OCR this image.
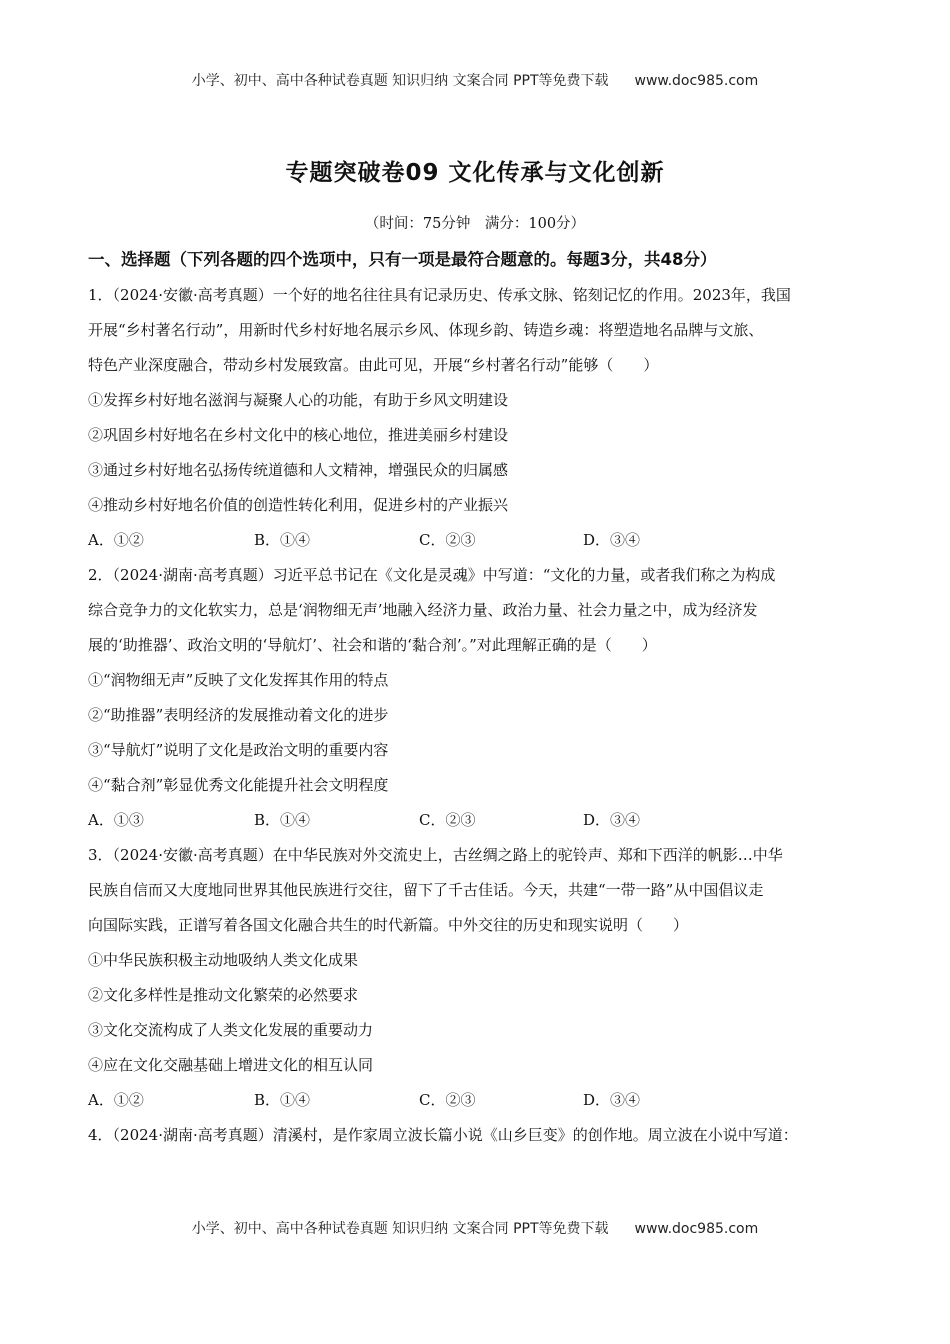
小学、初中、高中各种试卷真题 知识归纳 文案合同 PPT等免费下载 www.doc985.com
专题突破卷09 文化传承与文化创新
（时间：75分钟　满分：100分）
一、选择题（下列各题的四个选项中，只有一项是最符合题意的。每题3分，共48分）
1．（2024·安徽·高考真题）一个好的地名往往具有记录历史、传承文脉、铭刻记忆的作用。2023年，我国
开展“乡村著名行动”，用新时代乡村好地名展示乡风、体现乡韵、铸造乡魂：将塑造地名品牌与文旅、
特色产业深度融合，带动乡村发展致富。由此可见，开展“乡村著名行动”能够（　　）
①发挥乡村好地名滋润与凝聚人心的功能，有助于乡风文明建设
②巩固乡村好地名在乡村文化中的核心地位，推进美丽乡村建设
③通过乡村好地名弘扬传统道德和人文精神，增强民众的归属感
④推动乡村好地名价值的创造性转化利用，促进乡村的产业振兴
A．①②	B．①④	C．②③	D．③④
2．（2024·湖南·高考真题）习近平总书记在《文化是灵魂》中写道：“文化的力量，或者我们称之为构成
综合竞争力的文化软实力，总是‘润物细无声’地融入经济力量、政治力量、社会力量之中，成为经济发
展的‘助推器’、政治文明的‘导航灯’、社会和谐的‘黏合剂’。”对此理解正确的是（　　）
①“润物细无声”反映了文化发挥其作用的特点
②“助推器”表明经济的发展推动着文化的进步
③“导航灯”说明了文化是政治文明的重要内容
④“黏合剂”彰显优秀文化能提升社会文明程度
A．①③	B．①④	C．②③	D．③④
3．（2024·安徽·高考真题）在中华民族对外交流史上，古丝绸之路上的驼铃声、郑和下西洋的帆影…中华
民族自信而又大度地同世界其他民族进行交往，留下了千古佳话。今天，共建“一带一路”从中国倡议走
向国际实践，正谱写着各国文化融合共生的时代新篇。中外交往的历史和现实说明（　　）
①中华民族积极主动地吸纳人类文化成果
②文化多样性是推动文化繁荣的必然要求
③文化交流构成了人类文化发展的重要动力
④应在文化交融基础上增进文化的相互认同
A．①②	B．①④	C．②③	D．③④
4．（2024·湖南·高考真题）清溪村，是作家周立波长篇小说《山乡巨变》的创作地。周立波在小说中写道：
小学、初中、高中各种试卷真题 知识归纳 文案合同 PPT等免费下载 www.doc985.com
